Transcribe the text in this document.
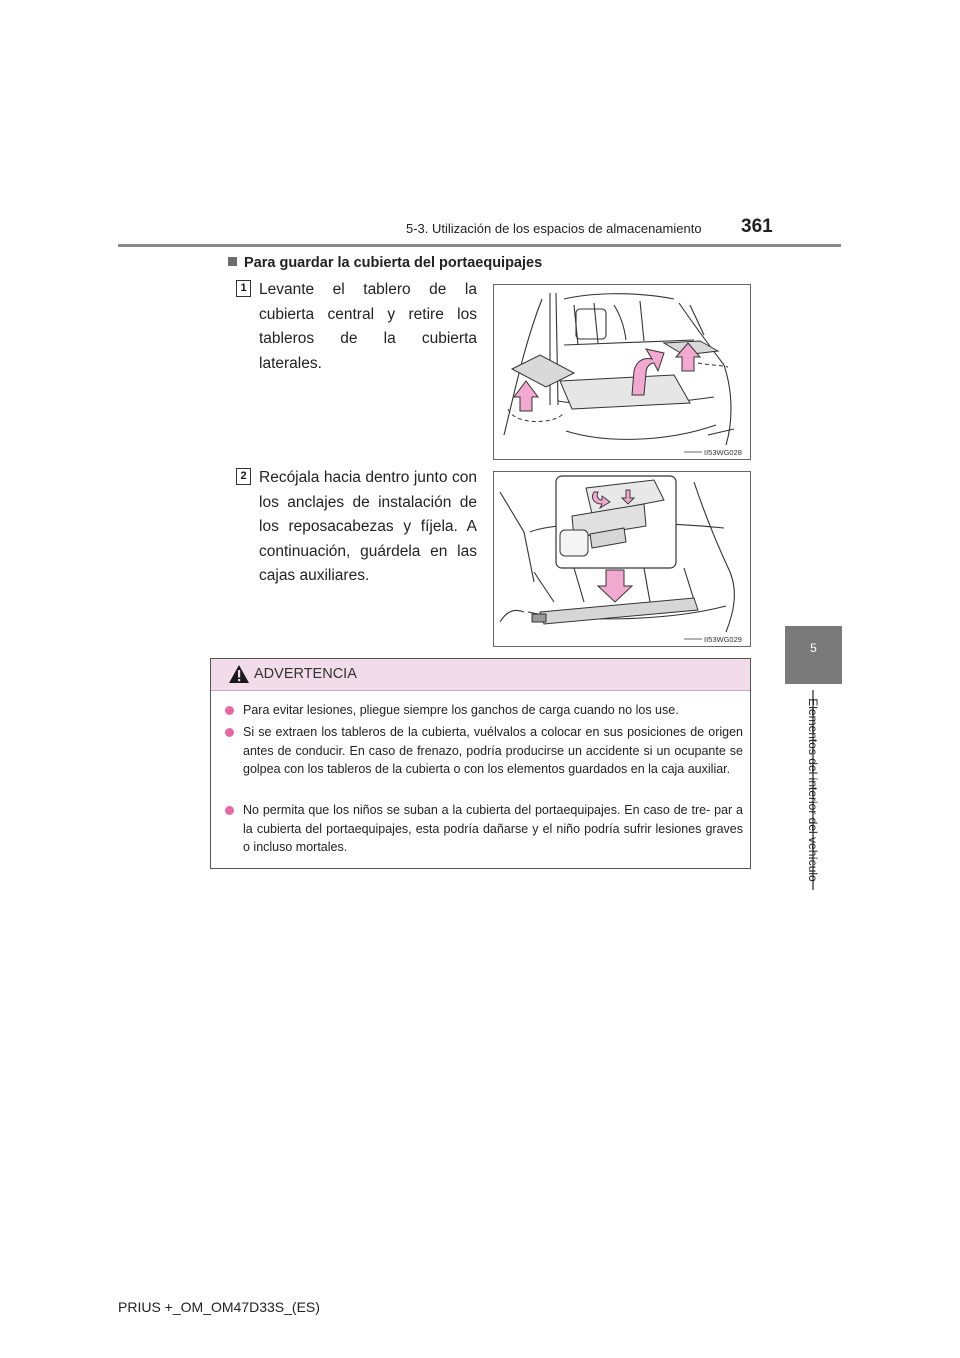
5-3. Utilización de los espacios de almacenamiento 361
5
Elementos del interior del vehículo
Para guardar la cubierta del portaequipajes
1 Levante el tablero de la cubierta central y retire los tableros de la cubierta laterales.
II53WG028
2 Recójala hacia dentro junto con los anclajes de instalación de los reposacabezas y fíjela. A continuación, guárdela en las cajas auxiliares.
II53WG029
ADVERTENCIA
Para evitar lesiones, pliegue siempre los ganchos de carga cuando no los use.
Si se extraen los tableros de la cubierta, vuélvalos a colocar en sus posiciones de origen antes de conducir. En caso de frenazo, podría producirse un accidente si un ocupante se golpea con los tableros de la cubierta o con los elementos guardados en la caja auxiliar.
No permita que los niños se suban a la cubierta del portaequipajes. En caso de tre- par a la cubierta del portaequipajes, esta podría dañarse y el niño podría sufrir lesiones graves o incluso mortales.
PRIUS +_OM_OM47D33S_(ES)
